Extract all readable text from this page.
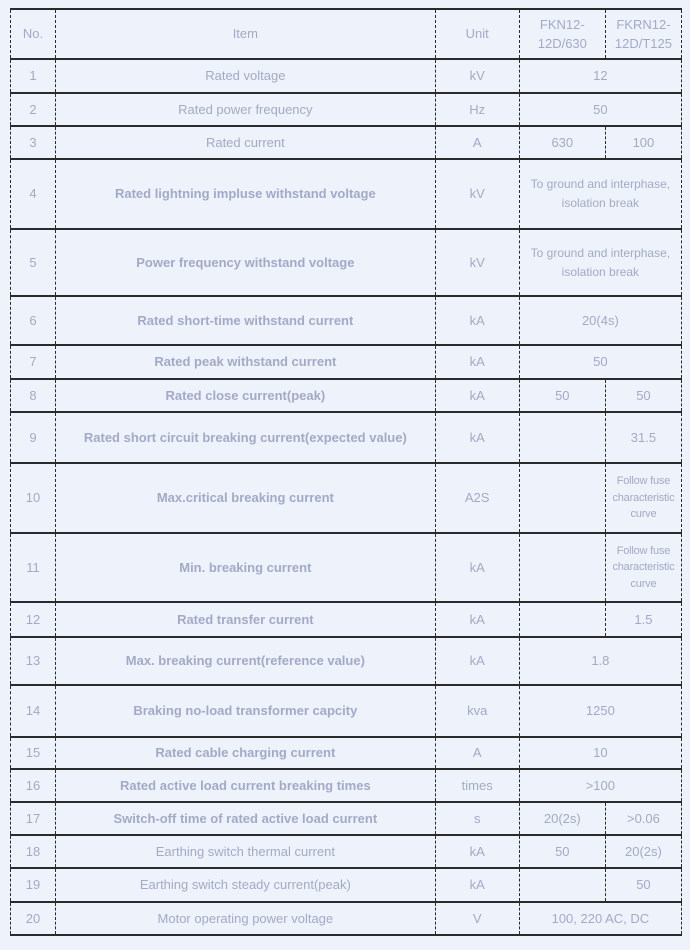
No.	Item	Unit	FKN12-12D/630	FKRN12-12D/T125
1	Rated voltage	kV	12	
2	Rated power frequency	Hz	50	
3	Rated current	A	630	100
4	Rated lightning impluse withstand voltage	kV	To ground and interphase, isolation break	
5	Power frequency withstand voltage	kV	To ground and interphase, isolation break	
6	Rated short-time withstand current	kA	20(4s)	
7	Rated peak withstand current	kA	50	
8	Rated close current(peak)	kA	50	50
9	Rated short circuit breaking current(expected value)	kA		31.5
10	Max.critical breaking current	A2S		Follow fuse characteristic curve
11	Min. breaking current	kA		Follow fuse characteristic curve
12	Rated transfer current	kA		1.5
13	Max. breaking current(reference value)	kA	1.8	
14	Braking no-load transformer capcity	kva	1250	
15	Rated cable charging current	A	10	
16	Rated active load current breaking times	times	>100	
17	Switch-off time of rated active load current	s	20(2s)	>0.06
18	Earthing switch thermal current	kA	50	20(2s)
19	Earthing switch steady current(peak)	kA		50
20	Motor operating power voltage	V	100, 220 AC, DC	
